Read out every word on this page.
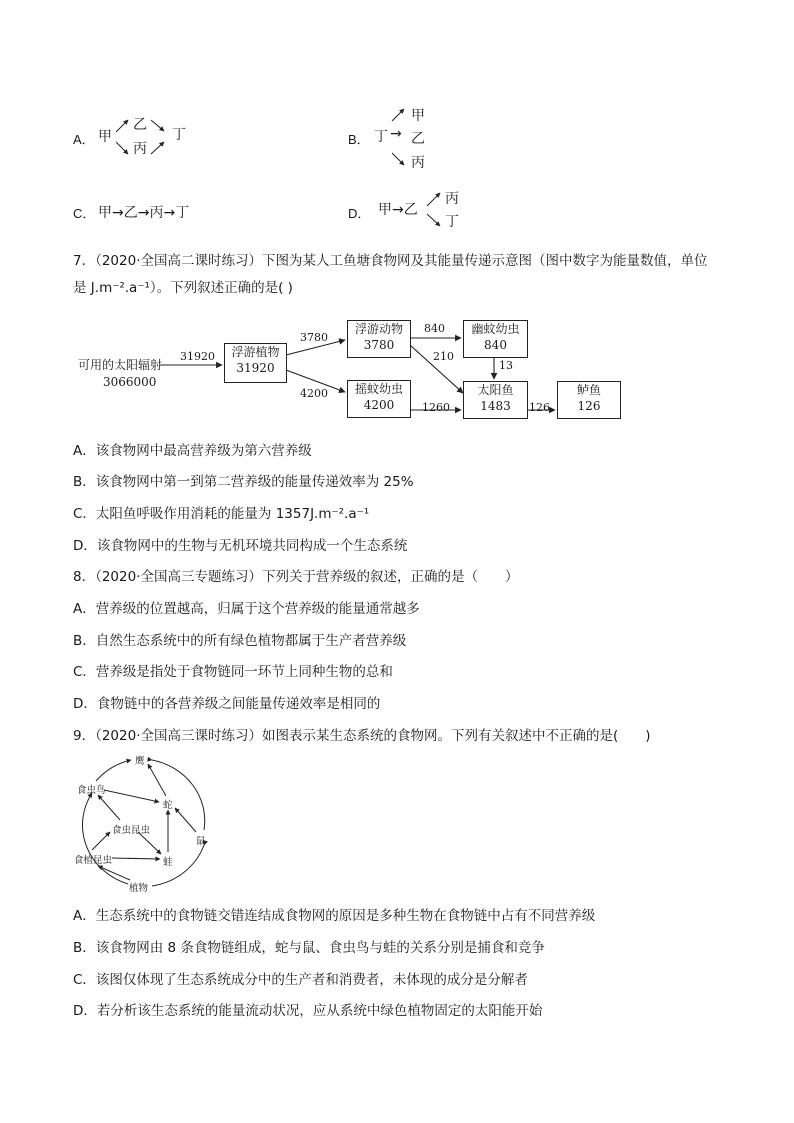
A． 甲
乙
丙
丁	B． 丁 →
甲
乙
丙
C． 甲→乙→丙→丁	D． 甲→乙
丙
丁
7．（2020·全国高二课时练习）下图为某人工鱼塘食物网及其能量传递示意图（图中数字为能量数值，单位
是 J.m⁻².a⁻¹）。下列叙述正确的是( )
可用的太阳辐射
3066000
31920	浮游植物
31920
浮游动物
3780
摇蚊幼虫
4200
幽蚊幼虫
840
太阳鱼
1483
鲈鱼
126
3780
4200
840
210
13
1260	126
A．该食物网中最高营养级为第六营养级
B．该食物网中第一到第二营养级的能量传递效率为 25%
C．太阳鱼呼吸作用消耗的能量为 1357J.m⁻².a⁻¹
D．该食物网中的生物与无机环境共同构成一个生态系统
8．（2020·全国高三专题练习）下列关于营养级的叙述，正确的是（　　）
A．营养级的位置越高，归属于这个营养级的能量通常越多
B．自然生态系统中的所有绿色植物都属于生产者营养级
C．营养级是指处于食物链同一环节上同种生物的总和
D．食物链中的各营养级之间能量传递效率是相同的
9．（2020·全国高三课时练习）如图表示某生态系统的食物网。下列有关叙述中不正确的是(　　)
鹰
食虫鸟
蛇
食虫昆虫
鼠
食植昆虫	蛙
植物
A．生态系统中的食物链交错连结成食物网的原因是多种生物在食物链中占有不同营养级
B．该食物网由 8 条食物链组成，蛇与鼠、食虫鸟与蛙的关系分别是捕食和竞争
C．该图仅体现了生态系统成分中的生产者和消费者，未体现的成分是分解者
D．若分析该生态系统的能量流动状况，应从系统中绿色植物固定的太阳能开始
